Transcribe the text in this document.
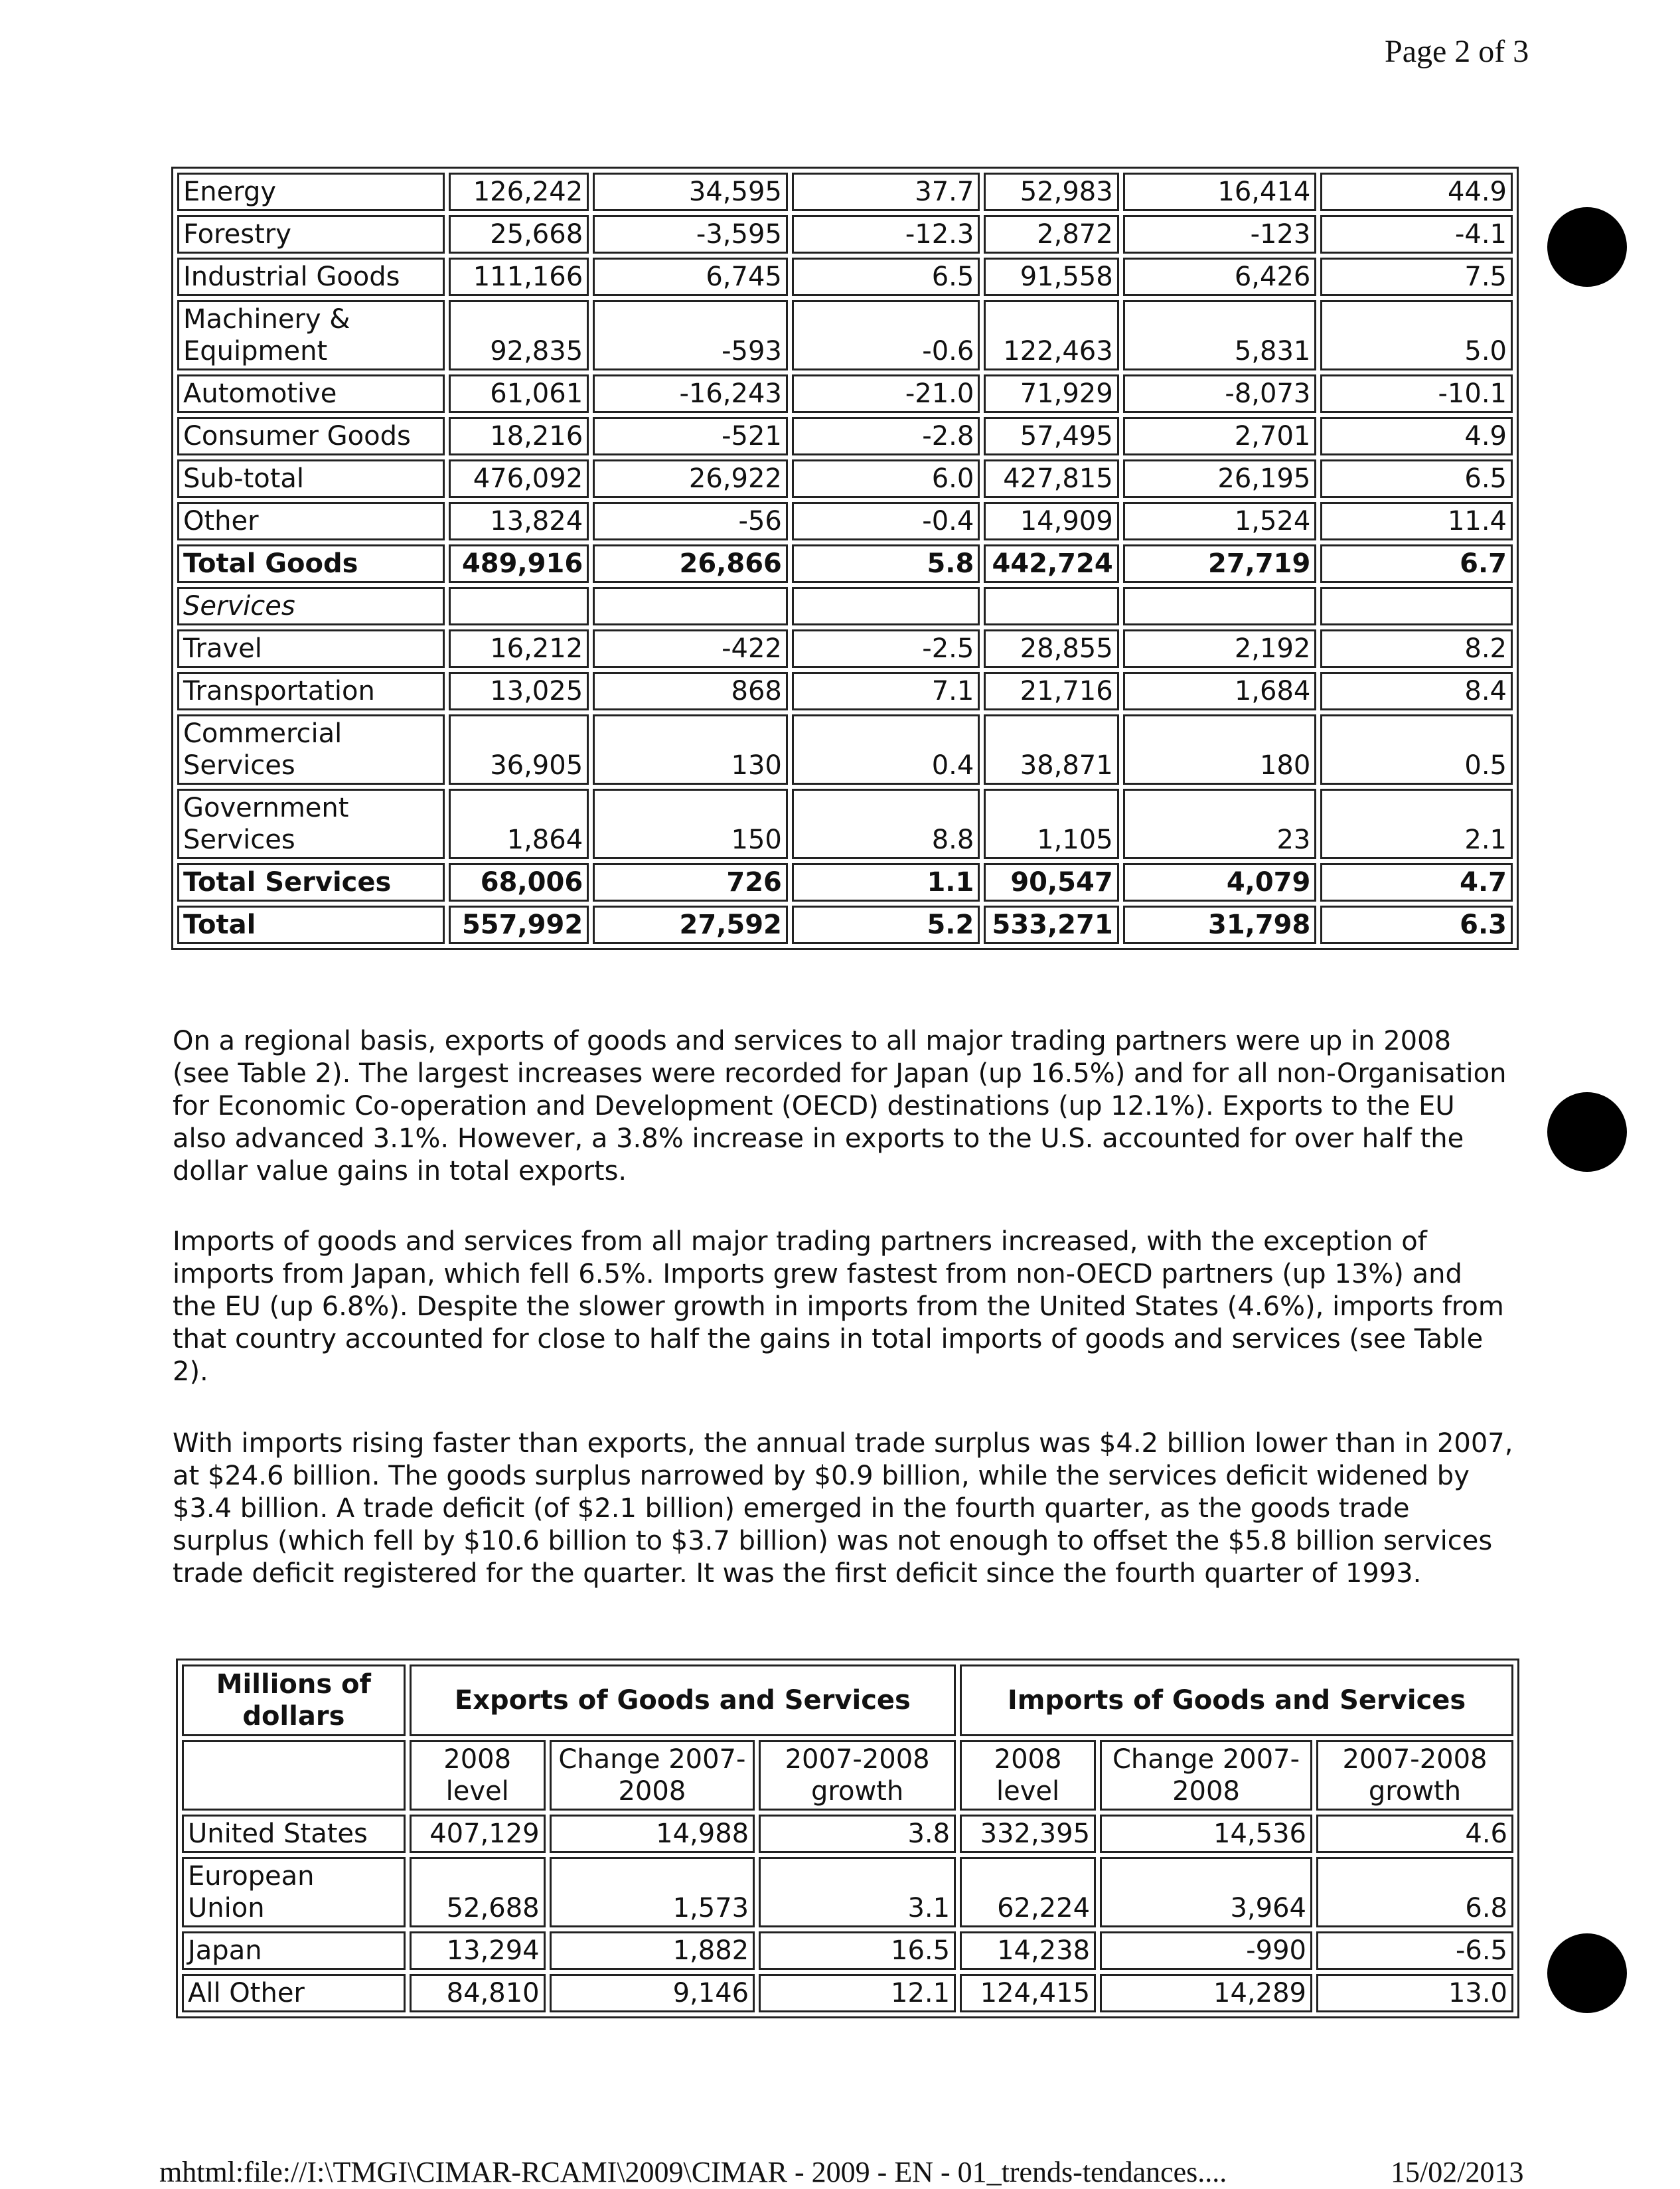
Page 2 of 3
Energy	126,242	34,595	37.7	52,983	16,414	44.9
Forestry	25,668	-3,595	-12.3	2,872	-123	-4.1
Industrial Goods	111,166	6,745	6.5	91,558	6,426	7.5
Machinery & Equipment	92,835	-593	-0.6	122,463	5,831	5.0
Automotive	61,061	-16,243	-21.0	71,929	-8,073	-10.1
Consumer Goods	18,216	-521	-2.8	57,495	2,701	4.9
Sub-total	476,092	26,922	6.0	427,815	26,195	6.5
Other	13,824	-56	-0.4	14,909	1,524	11.4
Total Goods	489,916	26,866	5.8	442,724	27,719	6.7
Services						
Travel	16,212	-422	-2.5	28,855	2,192	8.2
Transportation	13,025	868	7.1	21,716	1,684	8.4
Commercial Services	36,905	130	0.4	38,871	180	0.5
Government Services	1,864	150	8.8	1,105	23	2.1
Total Services	68,006	726	1.1	90,547	4,079	4.7
Total	557,992	27,592	5.2	533,271	31,798	6.3
On a regional basis, exports of goods and services to all major trading partners were up in 2008 (see Table 2). The largest increases were recorded for Japan (up 16.5%) and for all non-Organisation for Economic Co-operation and Development (OECD) destinations (up 12.1%). Exports to the EU also advanced 3.1%. However, a 3.8% increase in exports to the U.S. accounted for over half the dollar value gains in total exports.
Imports of goods and services from all major trading partners increased, with the exception of imports from Japan, which fell 6.5%. Imports grew fastest from non-OECD partners (up 13%) and the EU (up 6.8%). Despite the slower growth in imports from the United States (4.6%), imports from that country accounted for close to half the gains in total imports of goods and services (see Table 2).
With imports rising faster than exports, the annual trade surplus was $4.2 billion lower than in 2007, at $24.6 billion. The goods surplus narrowed by $0.9 billion, while the services deficit widened by $3.4 billion. A trade deficit (of $2.1 billion) emerged in the fourth quarter, as the goods trade surplus (which fell by $10.6 billion to $3.7 billion) was not enough to offset the $5.8 billion services trade deficit registered for the quarter. It was the first deficit since the fourth quarter of 1993.
Millions of dollars	Exports of Goods and Services			Imports of Goods and Services		
	2008 level	Change 2007-2008	2007-2008 growth	2008 level	Change 2007-2008	2007-2008 growth
United States	407,129	14,988	3.8	332,395	14,536	4.6
European Union	52,688	1,573	3.1	62,224	3,964	6.8
Japan	13,294	1,882	16.5	14,238	-990	-6.5
All Other	84,810	9,146	12.1	124,415	14,289	13.0
mhtml:file://I:\TMGI\CIMAR-RCAMI\2009\CIMAR - 2009 - EN - 01_trends-tendances....	15/02/2013
